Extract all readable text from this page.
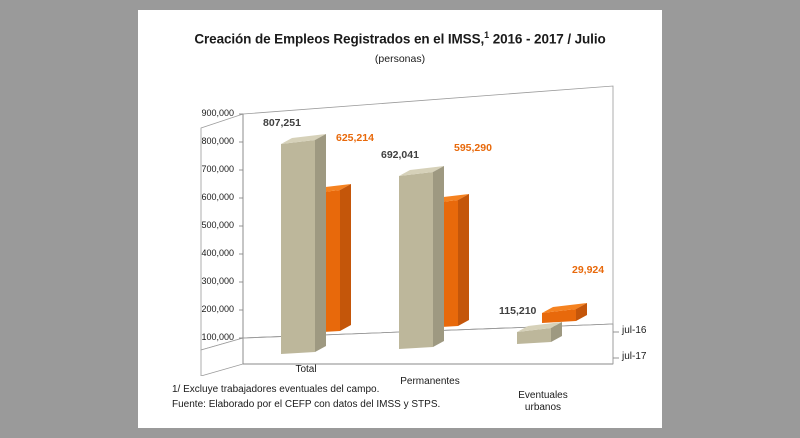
Creación de Empleos Registrados en el IMSS,$^1$ 2016 - 2017 / Julio
(personas)
900,000
800,000
700,000
600,000
500,000
400,000
300,000
200,000
100,000
807,251
692,041
115,210
625,214
595,290
29,924
Total
Permanentes
Eventuales
urbanos
jul-16
jul-17
1/ Excluye trabajadores eventuales del campo.
Fuente: Elaborado por el CEFP con datos del IMSS y STPS.
